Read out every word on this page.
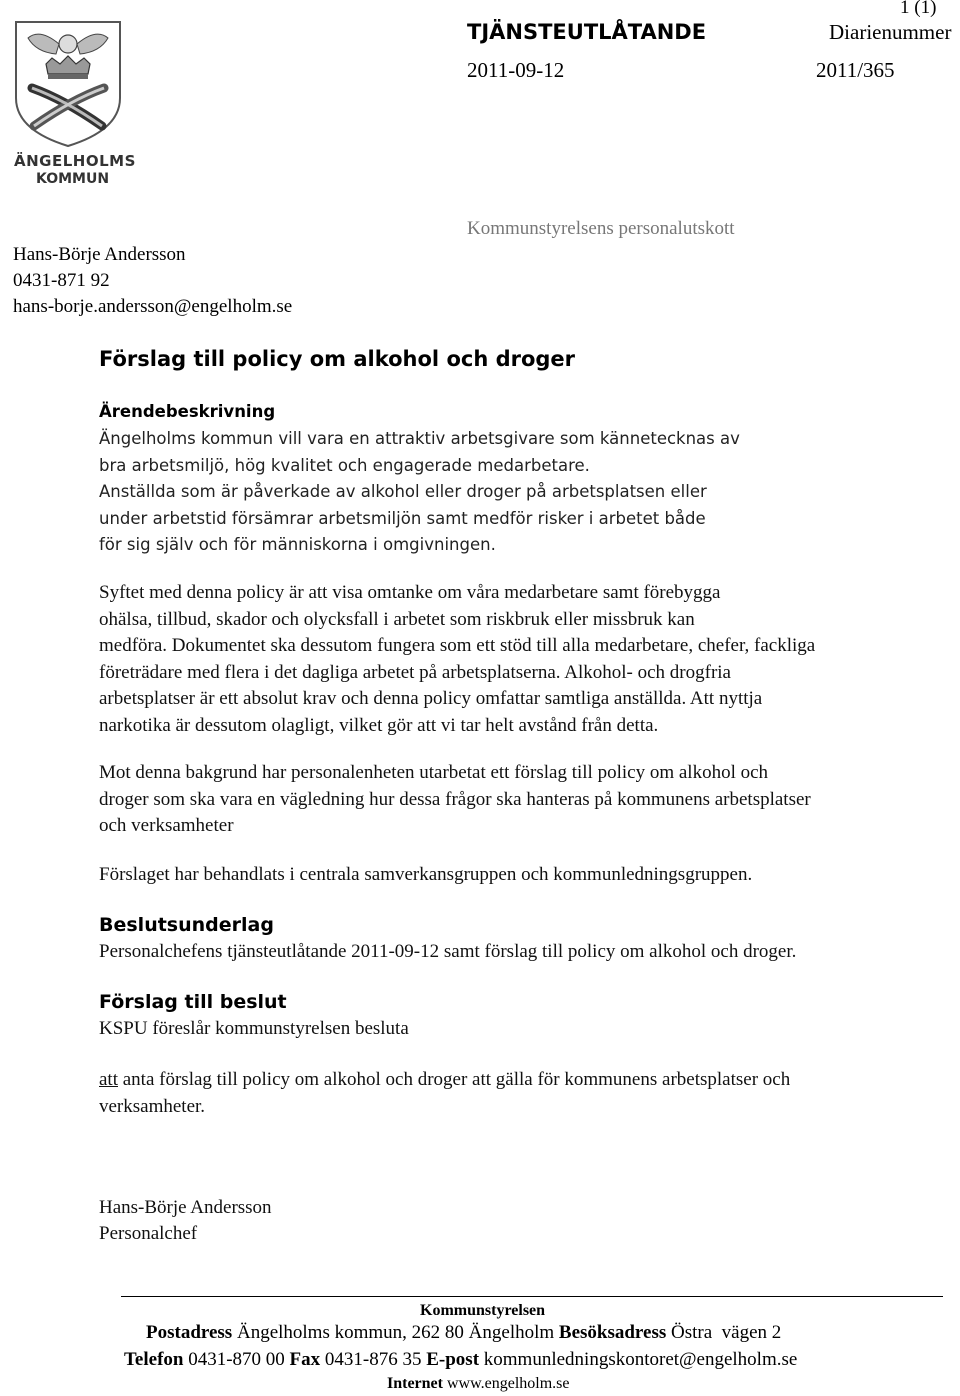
ÄNGELHOLMS
KOMMUN
1 (1)
TJÄNSTEUTLÅTANDE	Diarienummer
2011-09-12	2011/365
Kommunstyrelsens personalutskott
Hans-Börje Andersson
0431-871 92
hans-borje.andersson@engelholm.se
Förslag till policy om alkohol och droger
Ärendebeskrivning

Ängelholms kommun vill vara en attraktiv arbetsgivare som kännetecknas av

bra arbetsmiljö, hög kvalitet och engagerade medarbetare.

Anställda som är påverkade av alkohol eller droger på arbetsplatsen eller

under arbetstid försämrar arbetsmiljön samt medför risker i arbetet både

för sig själv och för människorna i omgivningen.

Syftet med denna policy är att visa omtanke om våra medarbetare samt förebygga

ohälsa, tillbud, skador och olycksfall i arbetet som riskbruk eller missbruk kan

medföra. Dokumentet ska dessutom fungera som ett stöd till alla medarbetare, chefer, fackliga

företrädare med flera i det dagliga arbetet på arbetsplatserna. Alkohol- och drogfria

arbetsplatser är ett absolut krav och denna policy omfattar samtliga anställda. Att nyttja

narkotika är dessutom olagligt, vilket gör att vi tar helt avstånd från detta.

Mot denna bakgrund har personalenheten utarbetat ett förslag till policy om alkohol och

droger som ska vara en vägledning hur dessa frågor ska hanteras på kommunens arbetsplatser

och verksamheter

Förslaget har behandlats i centrala samverkansgruppen och kommunledningsgruppen.
Beslutsunderlag
Personalchefens tjänsteutlåtande 2011-09-12 samt förslag till policy om alkohol och droger.
Förslag till beslut
KSPU föreslår kommunstyrelsen besluta

att anta förslag till policy om alkohol och droger att gälla för kommunens arbetsplatser och

verksamheter.

Hans-Börje Andersson
Personalchef
Kommunstyrelsen
Postadress Ängelholms kommun, 262 80 Ängelholm Besöksadress Östra  vägen 2
Telefon 0431-870 00 Fax 0431-876 35 E-post kommunledningskontoret@engelholm.se
Internet www.engelholm.se
